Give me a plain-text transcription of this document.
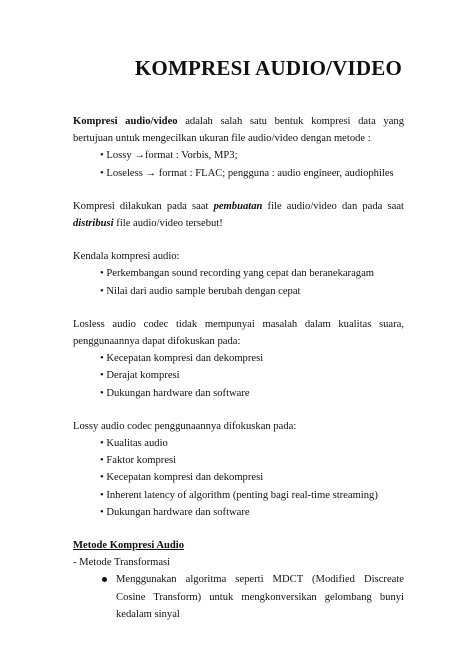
KOMPRESI AUDIO/VIDEO

Kompresi audio/video adalah salah satu bentuk kompresi data yang bertujuan untuk mengecilkan ukuran file audio/video dengan metode :

• Lossy →format : Vorbis, MP3;
• Loseless → format : FLAC; pengguna : audio engineer, audiophiles

Kompresi dilakukan pada saat pembuatan file audio/video dan pada saat distribusi file audio/video tersebut!

Kendala kompresi audio:

• Perkembangan sound recording yang cepat dan beranekaragam
• Nilai dari audio sample berubah dengan cepat

Losless audio codec tidak mempunyai masalah dalam kualitas suara, penggunaannya dapat difokuskan pada:

• Kecepatan kompresi dan dekompresi
• Derajat kompresi
• Dukungan hardware dan software

Lossy audio codec penggunaannya difokuskan pada:

• Kualitas audio
• Faktor kompresi
• Kecepatan kompresi dan dekompresi
• Inherent latency of algorithm (penting bagi real-time streaming)
• Dukungan hardware dan software

Metode Kompresi Audio

- Metode Transformasi

Menggunakan algoritma seperti MDCT (Modified Discreate Cosine Transform) untuk mengkonversikan gelombang bunyi kedalam sinyal
